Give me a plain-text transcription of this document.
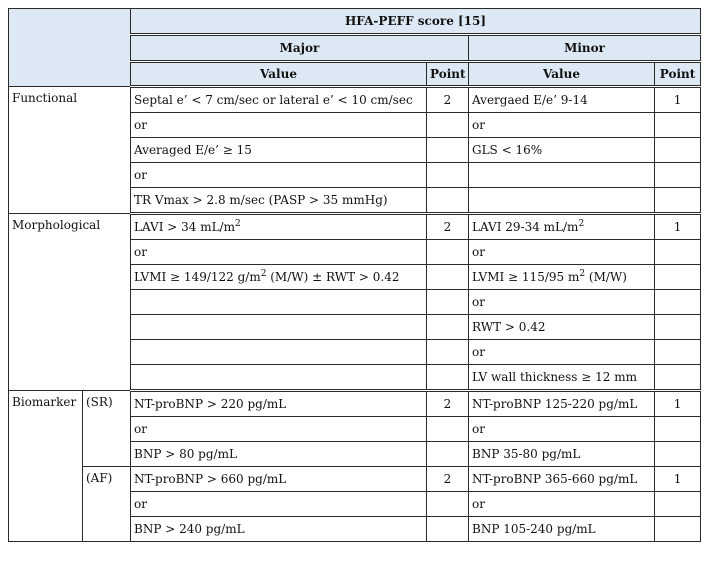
		HFA-PEFF score [15]			
		Major		Minor	
		Value	Point	Value	Point
Functional		Septal e’ < 7 cm/sec or lateral e’ < 10 cm/sec	2	Avergaed E/e’ 9-14	1
		or		or	
		Averaged E/e’ ≥ 15		GLS < 16%	
		or			
		TR Vmax > 2.8 m/sec (PASP > 35 mmHg)			
Morphological		LAVI > 34 $mL/m^2$	2	LAVI 29-34 $mL/m^2$	1
		or		or	
		LVMI ≥ 149/122 $g/m^2$ (M/W) ± RWT > 0.42		LVMI ≥ 115/95 $m^2$ (M/W)	
				or	
				RWT > 0.42	
				or	
				LV wall thickness ≥ 12 mm	
Biomarker	(SR)	NT-proBNP > 220 pg/mL	2	NT-proBNP 125-220 pg/mL	1
		or		or	
		BNP > 80 pg/mL		BNP 35-80 pg/mL	
	(AF)	NT-proBNP > 660 pg/mL	2	NT-proBNP 365-660 pg/mL	1
		or		or	
		BNP > 240 pg/mL		BNP 105-240 pg/mL	
